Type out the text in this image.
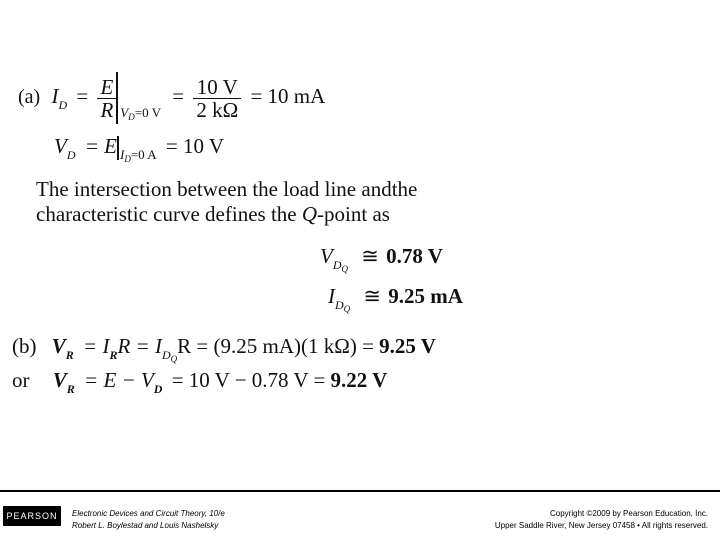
(a) $I_D = \frac{E}{R} _{V_D=0 V} = \frac{10 V}{2 k\Omega} = 10$ mA
$V_D = E$ $_{I_D=0 A}$ = 10 V
The intersection between the load line andthe
characteristic curve defines the Q-point as
$V_{D_Q}$ ≅ 0.78 V
$I_{D_Q}$ ≅ 9.25 mA
(b) $V_R = I_RR = I_{D_Q}R = (9.25$ mA)(1 kΩ) = 9.25 V
or $V_R = E - V_D = 10$ V − 0.78 V = 9.22 V
PEARSON	Electronic Devices and Circuit Theory, 10/e
Robert L. Boylestad and Louis Nashelsky
Copyright ©2009 by Pearson Education, Inc.
Upper Saddle River, New Jersey 07458 • All rights reserved.
